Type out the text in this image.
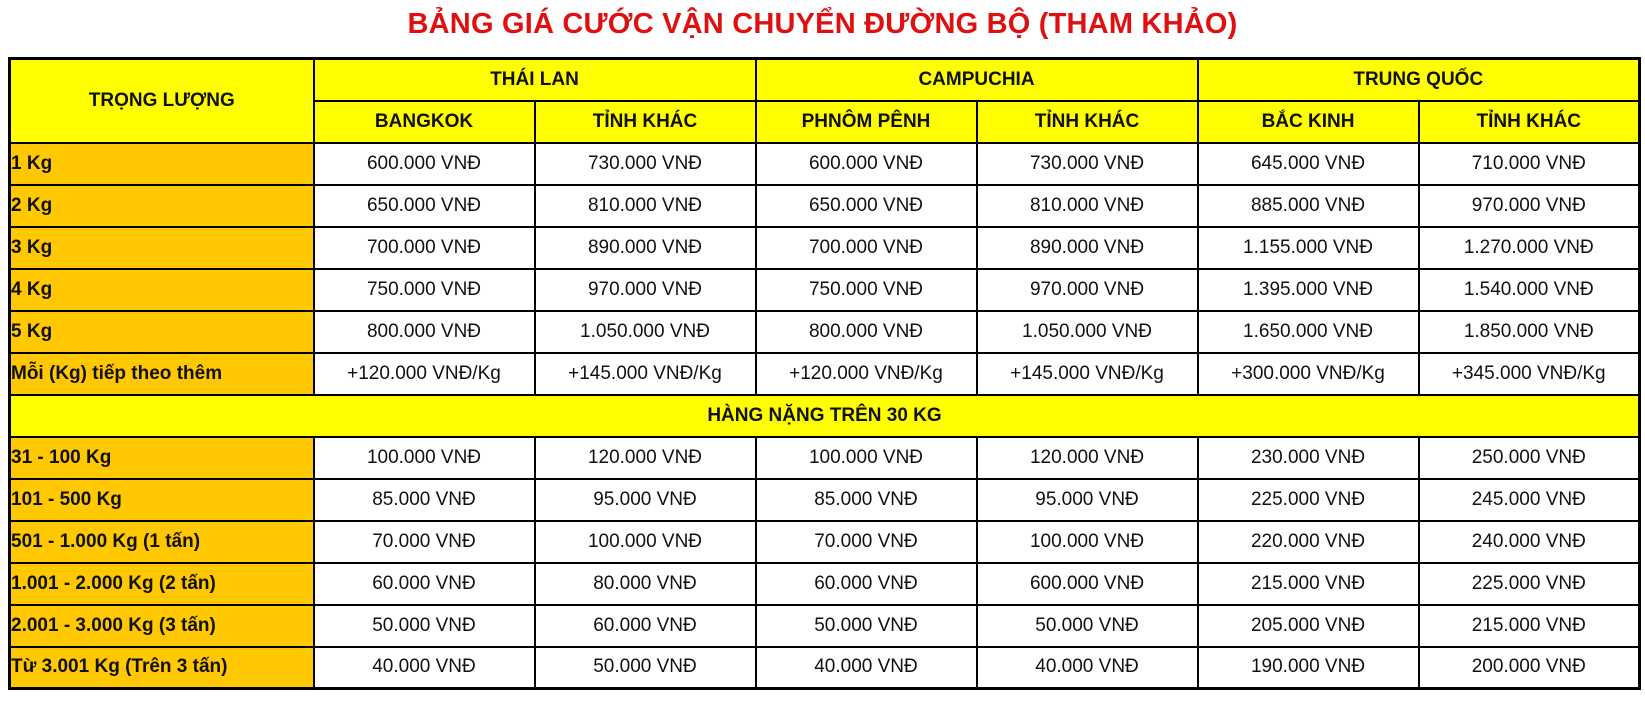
BẢNG GIÁ CƯỚC VẬN CHUYỂN ĐƯỜNG BỘ (THAM KHẢO)
TRỌNG LƯỢNG	THÁI LAN		CAMPUCHIA		TRUNG QUỐC	
	BANGKOK	TỈNH KHÁC	PHNÔM PÊNH	TỈNH KHÁC	BẮC KINH	TỈNH KHÁC
1 Kg	600.000 VNĐ	730.000 VNĐ	600.000 VNĐ	730.000 VNĐ	645.000 VNĐ	710.000 VNĐ
2 Kg	650.000 VNĐ	810.000 VNĐ	650.000 VNĐ	810.000 VNĐ	885.000 VNĐ	970.000 VNĐ
3 Kg	700.000 VNĐ	890.000 VNĐ	700.000 VNĐ	890.000 VNĐ	1.155.000 VNĐ	1.270.000 VNĐ
4 Kg	750.000 VNĐ	970.000 VNĐ	750.000 VNĐ	970.000 VNĐ	1.395.000 VNĐ	1.540.000 VNĐ
5 Kg	800.000 VNĐ	1.050.000 VNĐ	800.000 VNĐ	1.050.000 VNĐ	1.650.000 VNĐ	1.850.000 VNĐ
Mỗi (Kg) tiếp theo thêm	+120.000 VNĐ/Kg	+145.000 VNĐ/Kg	+120.000 VNĐ/Kg	+145.000 VNĐ/Kg	+300.000 VNĐ/Kg	+345.000 VNĐ/Kg
HÀNG NẶNG TRÊN 30 KG						
31 - 100 Kg	100.000 VNĐ	120.000 VNĐ	100.000 VNĐ	120.000 VNĐ	230.000 VNĐ	250.000 VNĐ
101 - 500 Kg	85.000 VNĐ	95.000 VNĐ	85.000 VNĐ	95.000 VNĐ	225.000 VNĐ	245.000 VNĐ
501 - 1.000 Kg (1 tấn)	70.000 VNĐ	100.000 VNĐ	70.000 VNĐ	100.000 VNĐ	220.000 VNĐ	240.000 VNĐ
1.001 - 2.000 Kg (2 tấn)	60.000 VNĐ	80.000 VNĐ	60.000 VNĐ	600.000 VNĐ	215.000 VNĐ	225.000 VNĐ
2.001 - 3.000 Kg (3 tấn)	50.000 VNĐ	60.000 VNĐ	50.000 VNĐ	50.000 VNĐ	205.000 VNĐ	215.000 VNĐ
Từ 3.001 Kg (Trên 3 tấn)	40.000 VNĐ	50.000 VNĐ	40.000 VNĐ	40.000 VNĐ	190.000 VNĐ	200.000 VNĐ
